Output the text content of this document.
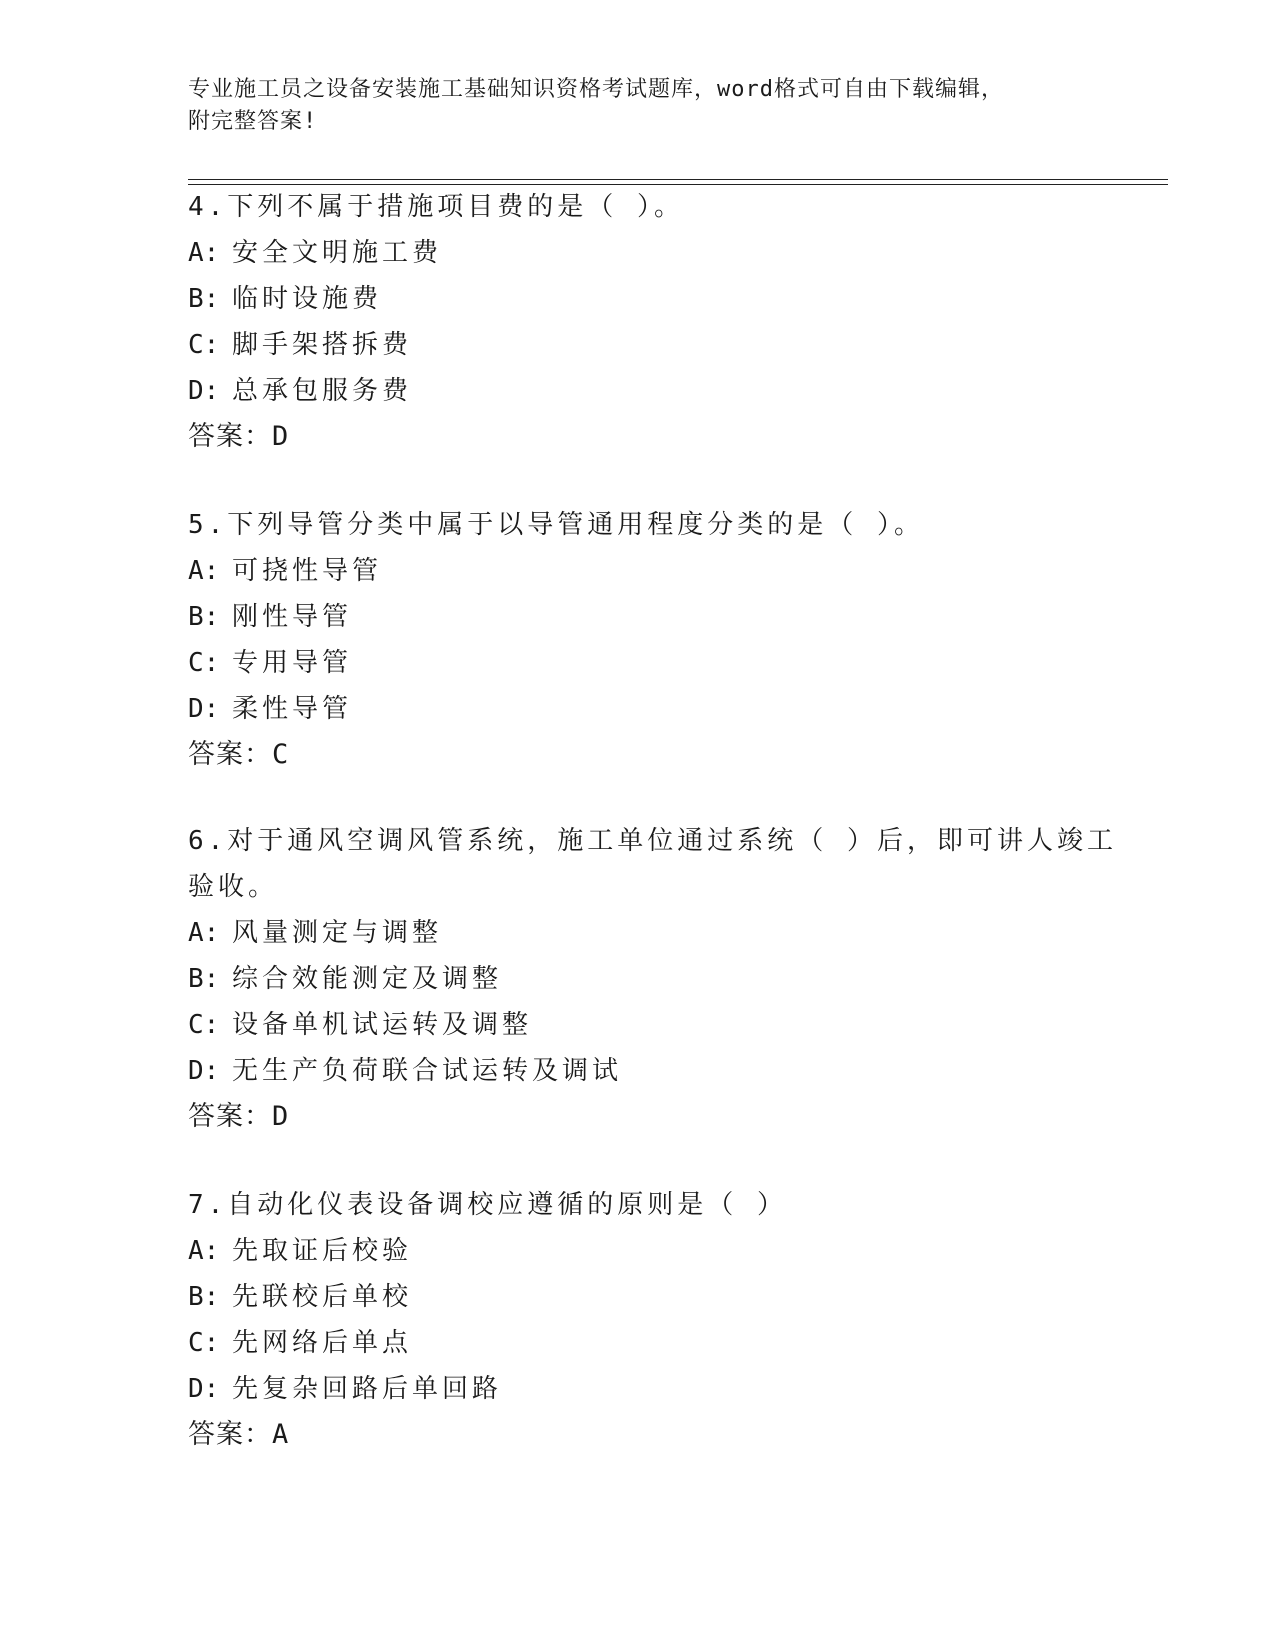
专业施工员之设备安装施工基础知识资格考试题库，word格式可自由下载编辑，
附完整答案!
4.下列不属于措施项目费的是（ ）。
A: 安全文明施工费
B: 临时设施费
C: 脚手架搭拆费
D: 总承包服务费
答案：D
5.下列导管分类中属于以导管通用程度分类的是（ ）。
A: 可挠性导管
B: 刚性导管
C: 专用导管
D: 柔性导管
答案：C
6.对于通风空调风管系统，施工单位通过系统（ ）后，即可讲人竣工
验收。
A: 风量测定与调整
B: 综合效能测定及调整
C: 设备单机试运转及调整
D: 无生产负荷联合试运转及调试
答案：D
7.自动化仪表设备调校应遵循的原则是（ ）
A: 先取证后校验
B: 先联校后单校
C: 先网络后单点
D: 先复杂回路后单回路
答案：A
